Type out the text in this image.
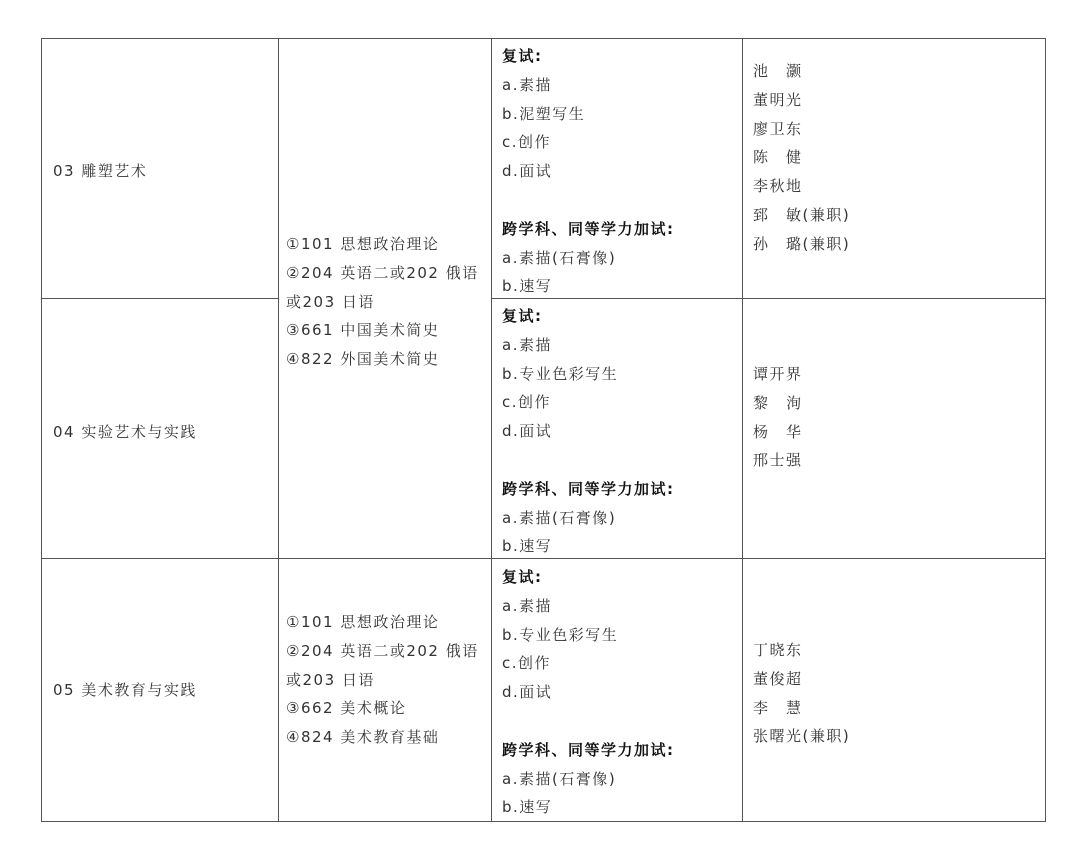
03 雕塑艺术
复试:
a.素描
b.泥塑写生
c.创作
d.面试
跨学科、同等学力加试:
a.素描(石膏像)
b.速写
池　灏
董明光
廖卫东
陈　健
李秋地
郅　敏(兼职)
孙　璐(兼职)
①101 思想政治理论
②204 英语二或202 俄语
或203 日语
③661 中国美术简史
④822 外国美术简史
04 实验艺术与实践
复试:
a.素描
b.专业色彩写生
c.创作
d.面试
跨学科、同等学力加试:
a.素描(石膏像)
b.速写
谭开界
黎　洵
杨　华
邢士强
05 美术教育与实践
①101 思想政治理论
②204 英语二或202 俄语
或203 日语
③662 美术概论
④824 美术教育基础
复试:
a.素描
b.专业色彩写生
c.创作
d.面试
跨学科、同等学力加试:
a.素描(石膏像)
b.速写
丁晓东
董俊超
李　慧
张曙光(兼职)
